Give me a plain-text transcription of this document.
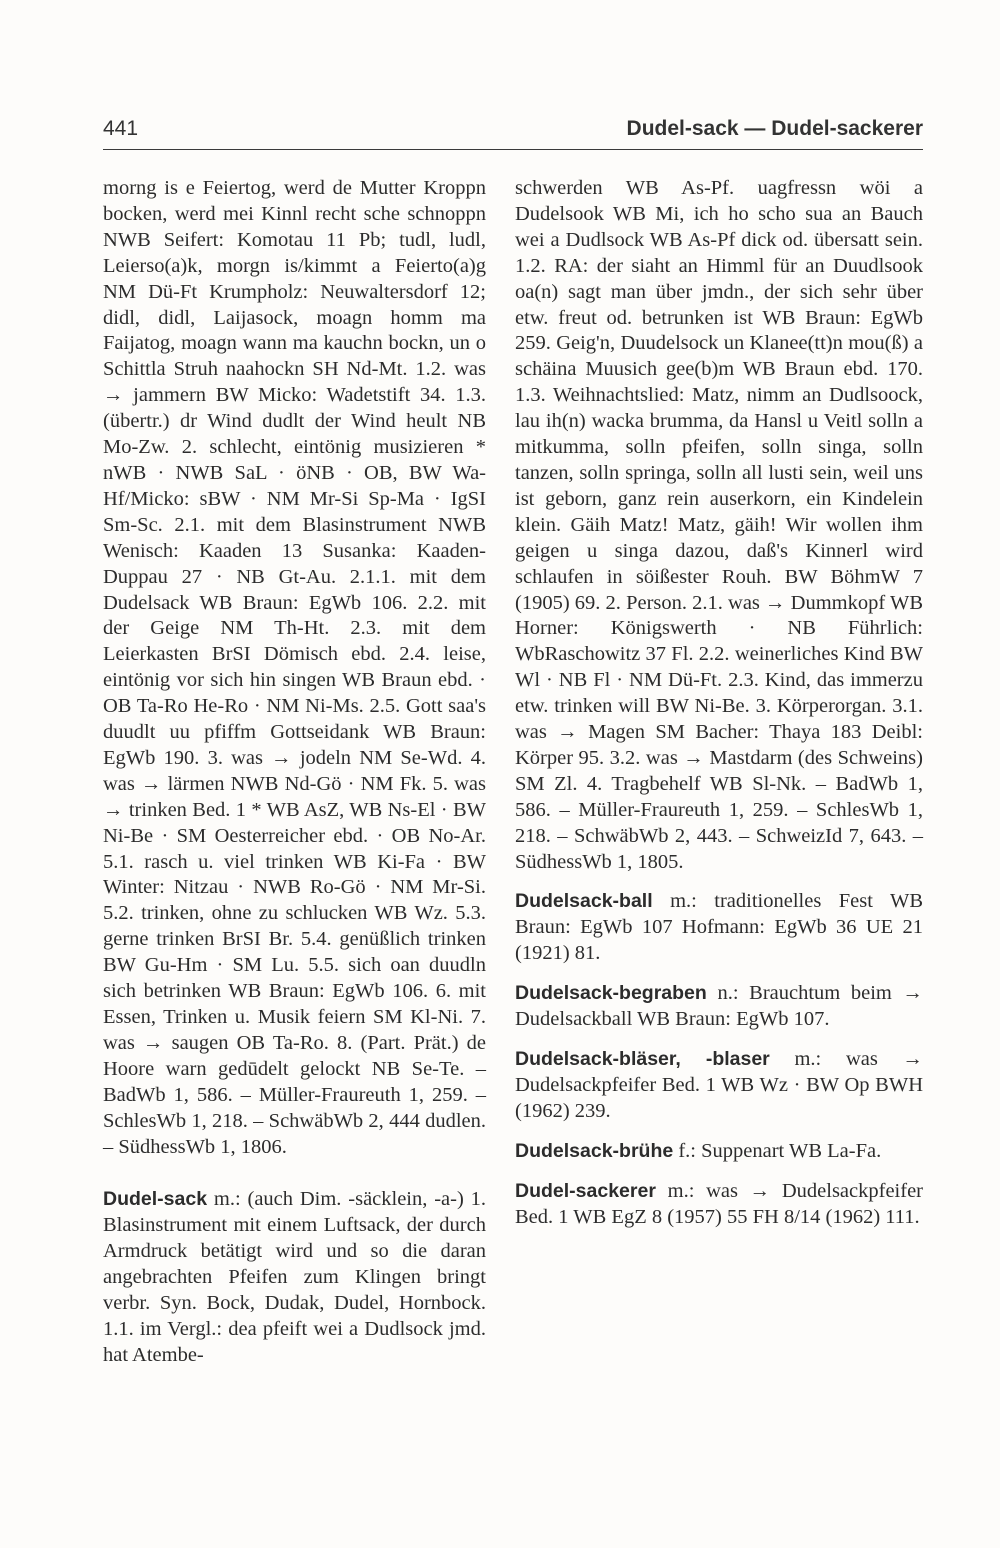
441	Dudel-sack — Dudel-sackerer

morng is e Feiertog, werd de Mutter Kroppn bocken, werd mei Kinnl recht sche schnoppn NWB Seifert: Komotau 11 Pb; tudl, ludl, Leierso(a)k, morgn is/kimmt a Feierto(a)g NM Dü-Ft Krumpholz: Neuwaltersdorf 12; didl, didl, Laijasock, moagn homm ma Faijatog, moagn wann ma kauchn bockn, un o Schittla Struh naahockn SH Nd-Mt. 1.2. was → jammern BW Micko: Wadetstift 34. 1.3. (übertr.) dr Wind dudlt der Wind heult NB Mo-Zw. 2. schlecht, eintönig musizieren * nWB · NWB SaL · öNB · OB, BW Wa-Hf/Micko: sBW · NM Mr-Si Sp-Ma · IgSI Sm-Sc. 2.1. mit dem Blasinstrument NWB Wenisch: Kaaden 13 Susanka: Kaaden-Duppau 27 · NB Gt-Au. 2.1.1. mit dem Dudelsack WB Braun: EgWb 106. 2.2. mit der Geige NM Th-Ht. 2.3. mit dem Leierkasten BrSI Dömisch ebd. 2.4. leise, eintönig vor sich hin singen WB Braun ebd. · OB Ta-Ro He-Ro · NM Ni-Ms. 2.5. Gott saa's duudlt uu pfiffm Gottseidank WB Braun: EgWb 190. 3. was → jodeln NM Se-Wd. 4. was → lärmen NWB Nd-Gö · NM Fk. 5. was → trinken Bed. 1 * WB AsZ, WB Ns-El · BW Ni-Be · SM Oesterreicher ebd. · OB No-Ar. 5.1. rasch u. viel trinken WB Ki-Fa · BW Winter: Nitzau · NWB Ro-Gö · NM Mr-Si. 5.2. trinken, ohne zu schlucken WB Wz. 5.3. gerne trinken BrSI Br. 5.4. genüßlich trinken BW Gu-Hm · SM Lu. 5.5. sich oan duudln sich betrinken WB Braun: EgWb 106. 6. mit Essen, Trinken u. Musik feiern SM Kl-Ni. 7. was → saugen OB Ta-Ro. 8. (Part. Prät.) de Hoore warn gedūdelt gelockt NB Se-Te. – BadWb 1, 586. – Müller-Fraureuth 1, 259. – SchlesWb 1, 218. – SchwäbWb 2, 444 dudlen. – SüdhessWb 1, 1806.

Dudel-sack m.: (auch Dim. -säcklein, -a-) 1. Blasinstrument mit einem Luftsack, der durch Armdruck betätigt wird und so die daran angebrachten Pfeifen zum Klingen bringt verbr. Syn. Bock, Dudak, Dudel, Hornbock. 1.1. im Vergl.: dea pfeift wei a Dudlsock jmd. hat Atembe-

schwerden WB As-Pf. uagfressn wöi a Dudelsook WB Mi, ich ho scho sua an Bauch wei a Dudlsock WB As-Pf dick od. übersatt sein. 1.2. RA: der siaht an Himml für an Duudlsook oa(n) sagt man über jmdn., der sich sehr über etw. freut od. betrunken ist WB Braun: EgWb 259. Geig'n, Duudelsock un Klanee(tt)n mou(ß) a schäina Muusich gee(b)m WB Braun ebd. 170. 1.3. Weihnachtslied: Matz, nimm an Dudlsoock, lau ih(n) wacka brumma, da Hansl u Veitl solln a mitkumma, solln pfeifen, solln singa, solln tanzen, solln springa, solln all lusti sein, weil uns ist geborn, ganz rein auserkorn, ein Kindelein klein. Gäih Matz! Matz, gäih! Wir wollen ihm geigen u singa dazou, daß's Kinnerl wird schlaufen in söißester Rouh. BW BöhmW 7 (1905) 69. 2. Person. 2.1. was → Dummkopf WB Horner: Königswerth · NB Führlich: WbRaschowitz 37 Fl. 2.2. weinerliches Kind BW Wl · NB Fl · NM Dü-Ft. 2.3. Kind, das immerzu etw. trinken will BW Ni-Be. 3. Körperorgan. 3.1. was → Magen SM Bacher: Thaya 183 Deibl: Körper 95. 3.2. was → Mastdarm (des Schweins) SM Zl. 4. Tragbehelf WB Sl-Nk. – BadWb 1, 586. – Müller-Fraureuth 1, 259. – SchlesWb 1, 218. – SchwäbWb 2, 443. – SchweizId 7, 643. – SüdhessWb 1, 1805.

Dudelsack-ball m.: traditionelles Fest WB Braun: EgWb 107 Hofmann: EgWb 36 UE 21 (1921) 81.

Dudelsack-begraben n.: Brauchtum beim → Dudelsackball WB Braun: EgWb 107.

Dudelsack-bläser, -blaser m.: was → Dudelsackpfeifer Bed. 1 WB Wz · BW Op BWH (1962) 239.

Dudelsack-brühe f.: Suppenart WB La-Fa.

Dudel-sackerer m.: was → Dudelsackpfeifer Bed. 1 WB EgZ 8 (1957) 55 FH 8/14 (1962) 111.
